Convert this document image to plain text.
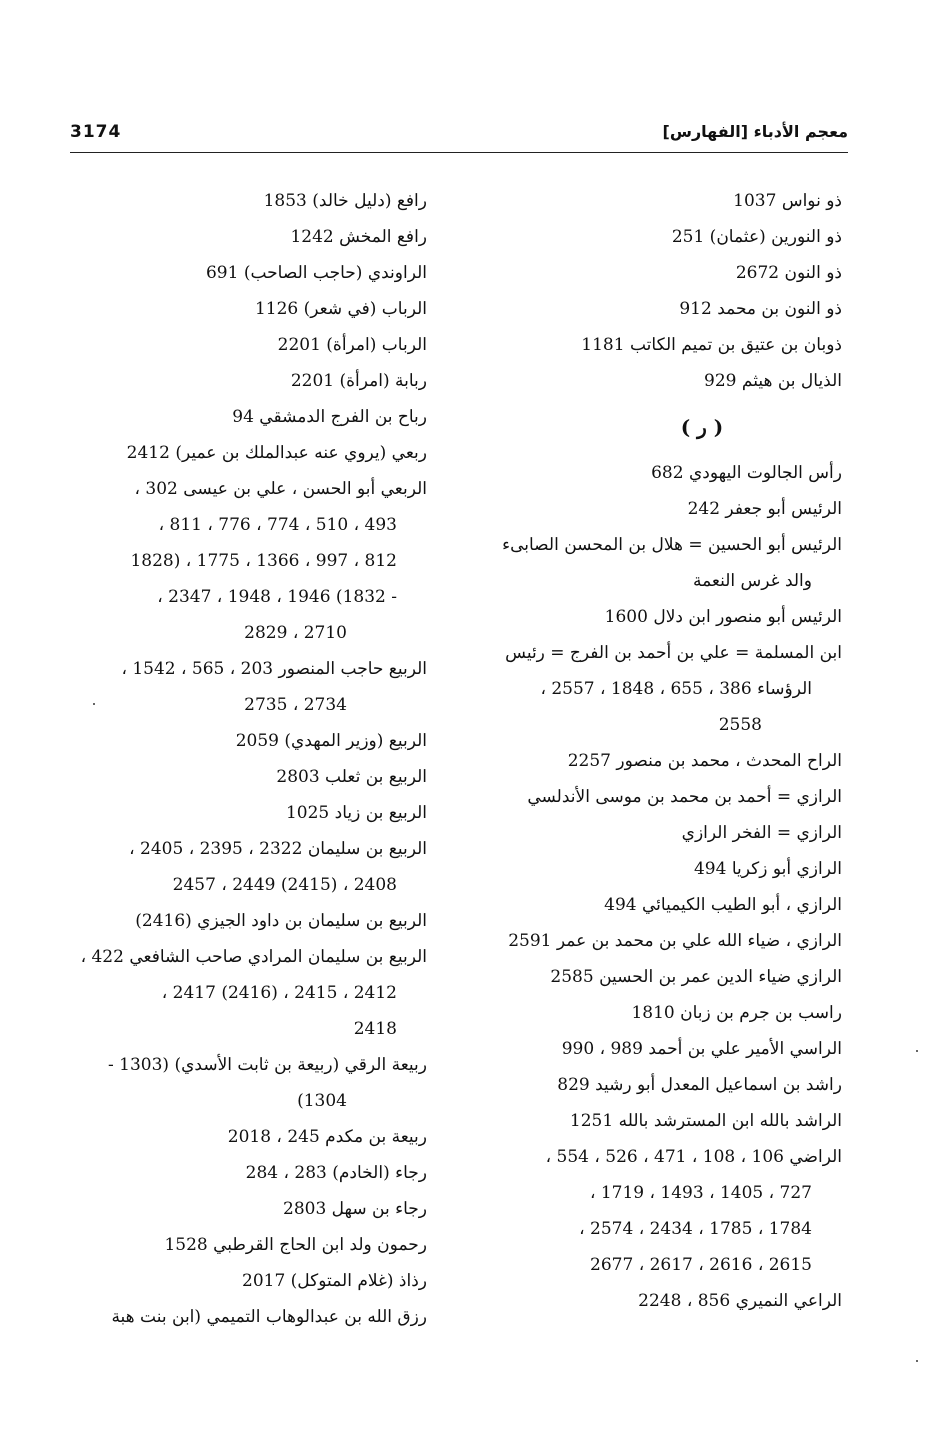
معجم الأدباء [الفهارس]
3174
ذو نواس 1037
ذو النورين (عثمان) 251
ذو النون 2672
ذو النون بن محمد 912
ذوبان بن عتيق بن تميم الكاتب 1181
الذيال بن هيثم 929
( ر )
رأس الجالوت اليهودي 682
الرئيس أبو جعفر 242
الرئيس أبو الحسين = هلال بن المحسن الصابىء
والد غرس النعمة
الرئيس أبو منصور ابن دلال 1600
ابن المسلمة = علي بن أحمد بن الفرج = رئيس
الرؤساء 386 ، 655 ، 1848 ، 2557 ،
2558
الراح المحدث ، محمد بن منصور 2257
الرازي = أحمد بن محمد بن موسى الأندلسي
الرازي = الفخر الرازي
الرازي أبو زكريا 494
الرازي ، أبو الطيب الكيميائي 494
الرازي ، ضياء الله علي بن محمد بن عمر 2591
الرازي ضياء الدين عمر بن الحسين 2585
راسب بن جرم بن زبان 1810
الراسي الأمير علي بن أحمد 989 ، 990
راشد بن اسماعيل المعدل أبو رشيد 829
الراشد بالله ابن المسترشد بالله 1251
الراضي 106 ، 108 ، 471 ، 526 ، 554 ،
727 ، 1405 ، 1493 ، 1719 ،
1784 ، 1785 ، 2434 ، 2574 ،
2615 ، 2616 ، 2617 ، 2677
الراعي النميري 856 ، 2248
رافع (دليل خالد) 1853
رافع المخش 1242
الراوندي (حاجب الصاحب) 691
الرباب (في شعر) 1126
الرباب (امرأة) 2201
ربابة (امرأة) 2201
رباح بن الفرج الدمشقي 94
ربعي (يروي عنه عبدالملك بن عمير) 2412
الربعي أبو الحسن ، علي بن عيسى 302 ،
493 ، 510 ، 774 ، 776 ، 811 ،
812 ، 997 ، 1366 ، 1775 ، (1828
- 1832) 1946 ، 1948 ، 2347 ،
2710 ، 2829
الربيع حاجب المنصور 203 ، 565 ، 1542 ،
2734 ، 2735
الربيع (وزير المهدي) 2059
الربيع بن ثعلب 2803
الربيع بن زياد 1025
الربيع بن سليمان 2322 ، 2395 ، 2405 ،
2408 ، (2415) 2449 ، 2457
الربيع بن سليمان بن داود الجيزي (2416)
الربيع بن سليمان المرادي صاحب الشافعي 422 ،
2412 ، 2415 ، (2416) 2417 ،
2418
ربيعة الرقي (ربيعة بن ثابت الأسدي) (1303 -
1304)
ربيعة بن مكدم 245 ، 2018
رجاء (الخادم) 283 ، 284
رجاء بن سهل 2803
رحمون ولد ابن الحاج القرطبي 1528
رذاذ (غلام المتوكل) 2017
رزق الله بن عبدالوهاب التميمي (ابن بنت هبة
